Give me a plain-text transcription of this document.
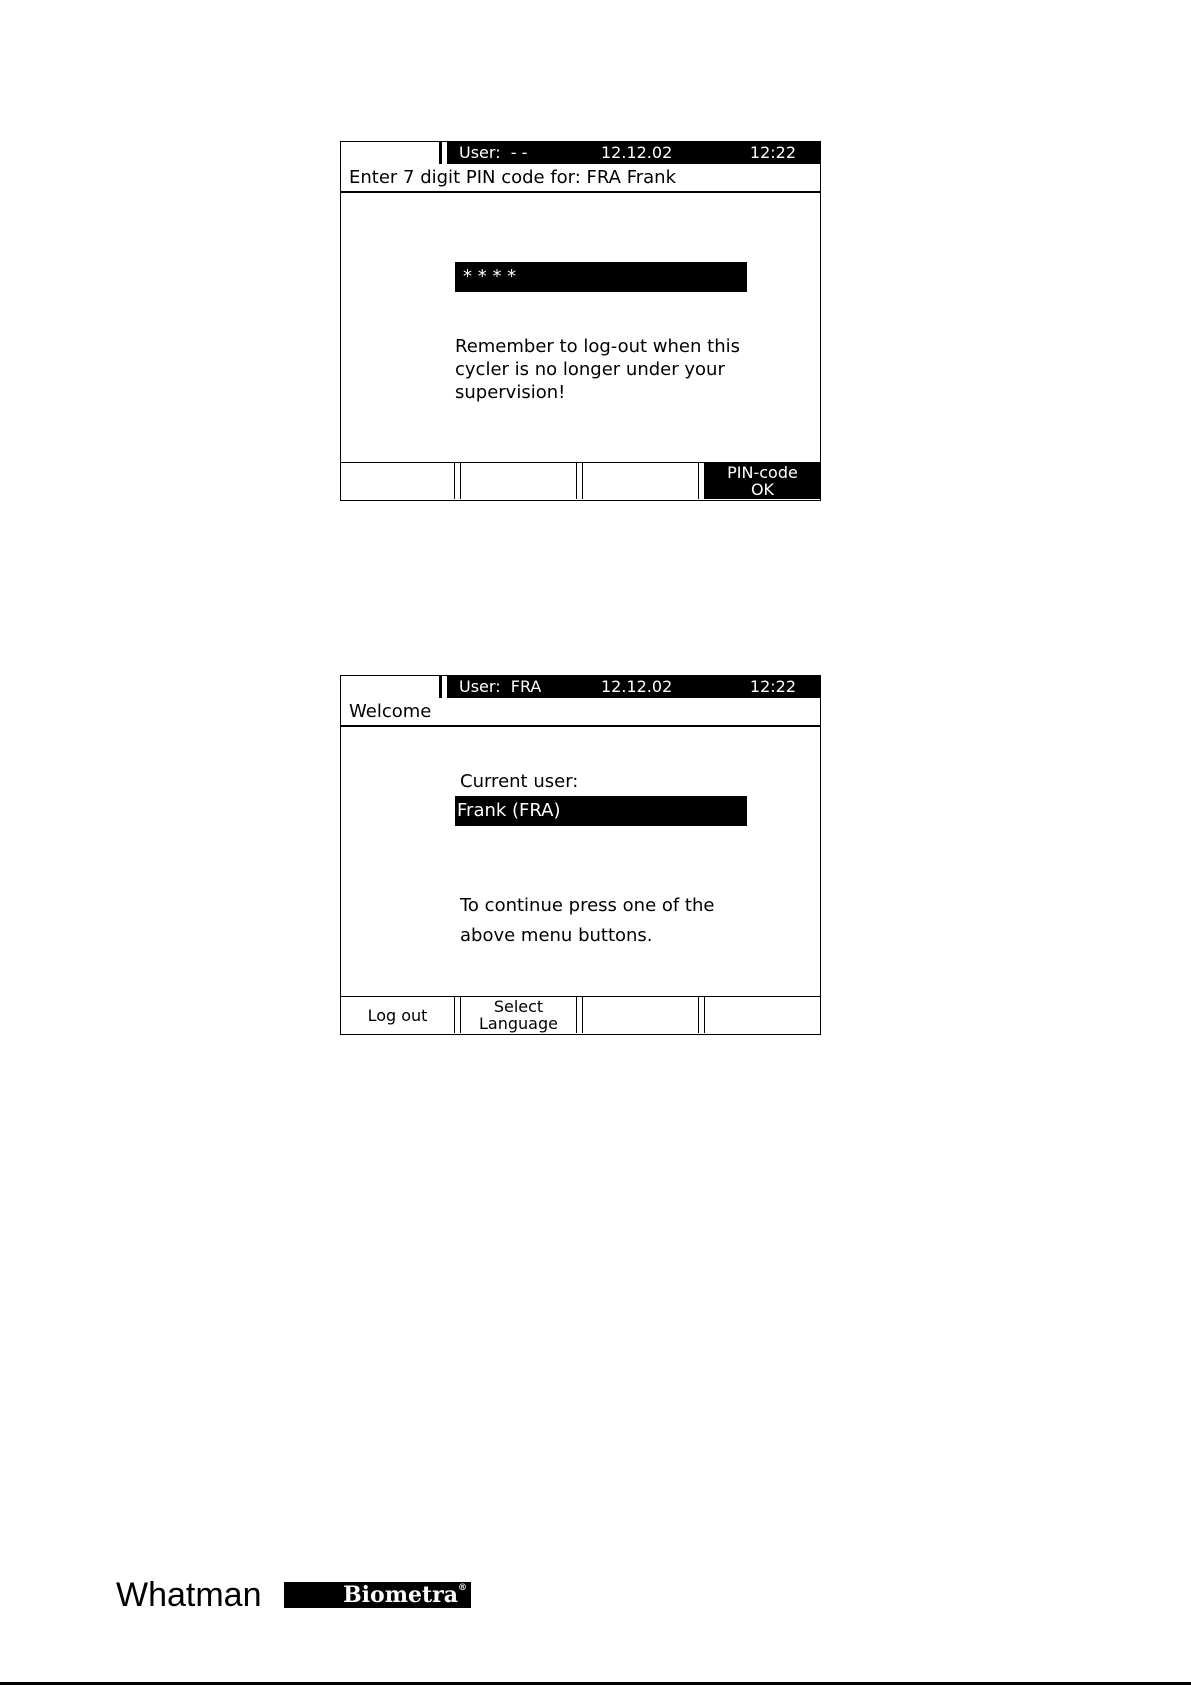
User: - -	12.12.02	12:22
Enter 7 digit PIN code for: FRA Frank
* * * *
Remember to log-out when this
cycler is no longer under your
supervision!
PIN-code
OK
User: FRA	12.12.02	12:22
Welcome
Current user:
Frank (FRA)
To continue press one of the
above menu buttons.
Log out	Select
Language
Whatman	Biometra®
